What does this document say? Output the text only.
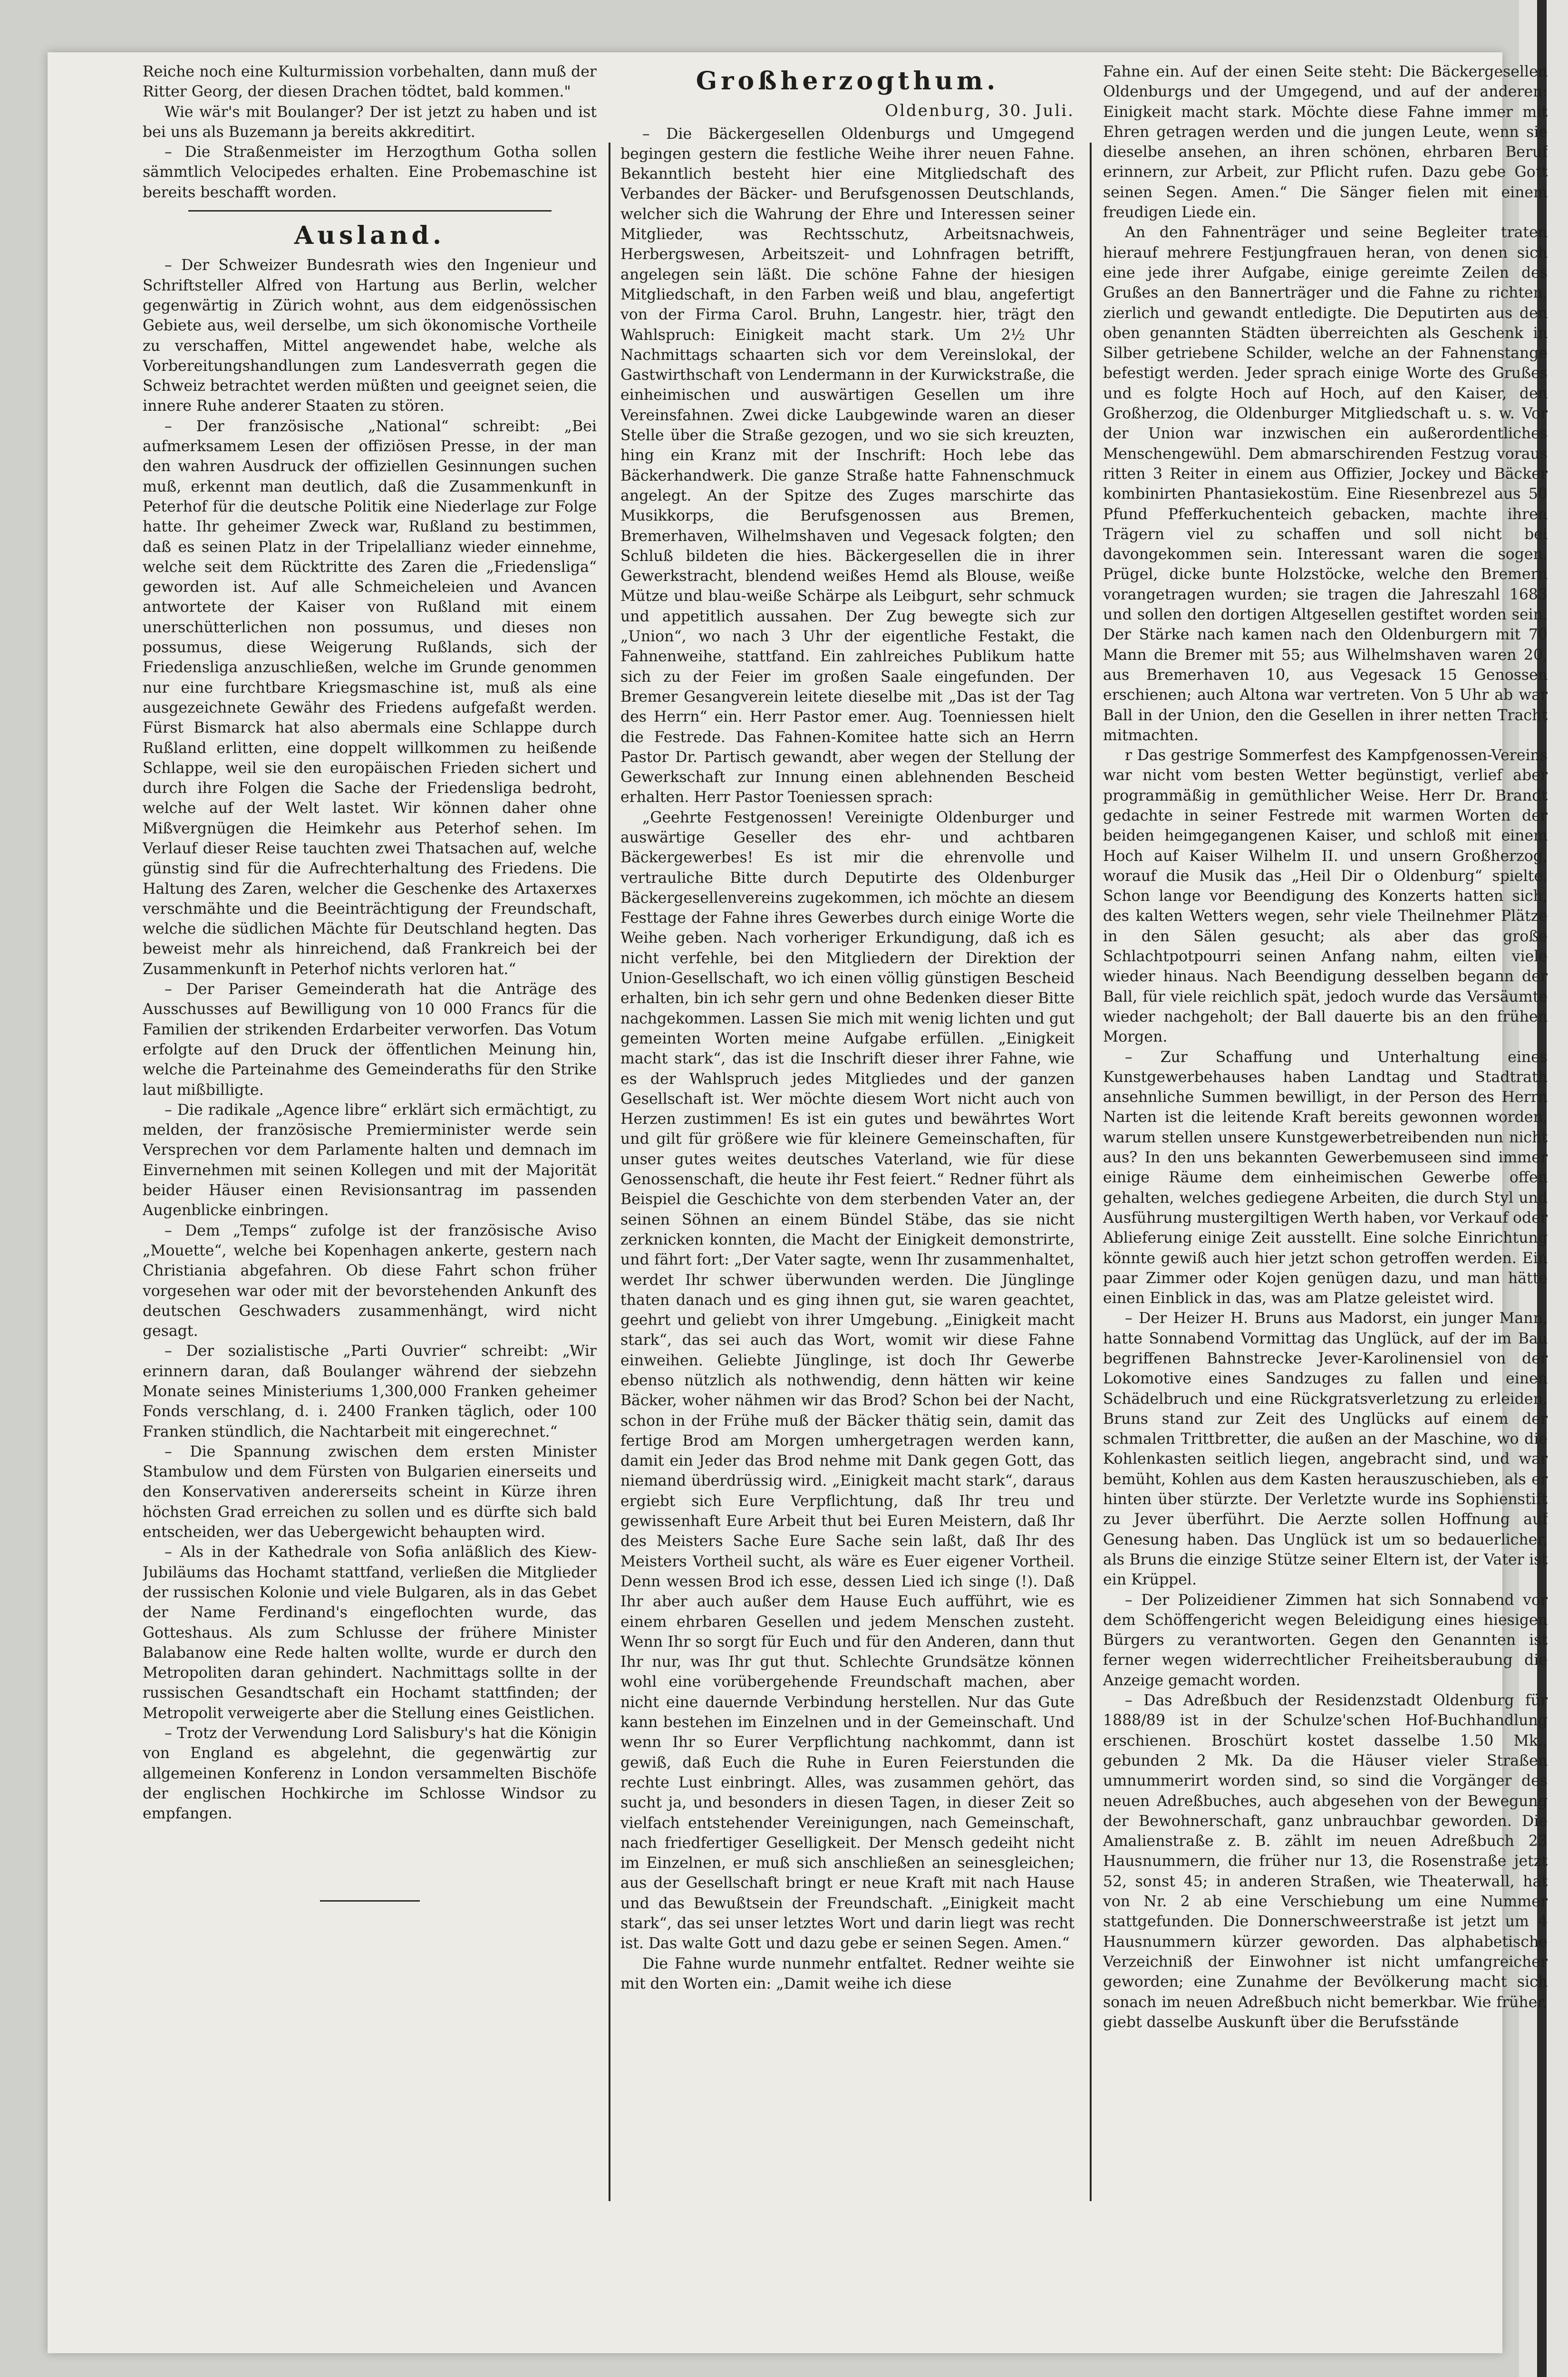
Reiche noch eine Kulturmission vorbehalten, dann muß der Ritter Georg, der diesen Drachen tödtet, bald kommen."

Wie wär's mit Boulanger? Der ist jetzt zu haben und ist bei uns als Buzemann ja bereits akkreditirt.

– Die Straßenmeister im Herzogthum Gotha sollen sämmtlich Velocipedes erhalten. Eine Probemaschine ist bereits beschafft worden.

Ausland.

– Der Schweizer Bundesrath wies den Ingenieur und Schriftsteller Alfred von Hartung aus Berlin, welcher gegenwärtig in Zürich wohnt, aus dem eidgenössischen Gebiete aus, weil derselbe, um sich ökonomische Vortheile zu verschaffen, Mittel angewendet habe, welche als Vorbereitungshandlungen zum Landesverrath gegen die Schweiz betrachtet werden müßten und geeignet seien, die innere Ruhe anderer Staaten zu stören.

– Der französische „National“ schreibt: „Bei aufmerksamem Lesen der offiziösen Presse, in der man den wahren Ausdruck der offiziellen Gesinnungen suchen muß, erkennt man deutlich, daß die Zusammenkunft in Peterhof für die deutsche Politik eine Niederlage zur Folge hatte. Ihr geheimer Zweck war, Rußland zu bestimmen, daß es seinen Platz in der Tripelallianz wieder einnehme, welche seit dem Rücktritte des Zaren die „Friedensliga“ geworden ist. Auf alle Schmeicheleien und Avancen antwortete der Kaiser von Rußland mit einem unerschütterlichen non possumus, und dieses non possumus, diese Weigerung Rußlands, sich der Friedensliga anzuschließen, welche im Grunde genommen nur eine furchtbare Kriegsmaschine ist, muß als eine ausgezeichnete Gewähr des Friedens aufgefaßt werden. Fürst Bismarck hat also abermals eine Schlappe durch Rußland erlitten, eine doppelt willkommen zu heißende Schlappe, weil sie den europäischen Frieden sichert und durch ihre Folgen die Sache der Friedensliga bedroht, welche auf der Welt lastet. Wir können daher ohne Mißvergnügen die Heimkehr aus Peterhof sehen. Im Verlauf dieser Reise tauchten zwei Thatsachen auf, welche günstig sind für die Aufrechterhaltung des Friedens. Die Haltung des Zaren, welcher die Geschenke des Artaxerxes verschmähte und die Beeinträchtigung der Freundschaft, welche die südlichen Mächte für Deutschland hegten. Das beweist mehr als hinreichend, daß Frankreich bei der Zusammenkunft in Peterhof nichts verloren hat.“

– Der Pariser Gemeinderath hat die Anträge des Ausschusses auf Bewilligung von 10 000 Francs für die Familien der strikenden Erdarbeiter verworfen. Das Votum erfolgte auf den Druck der öffentlichen Meinung hin, welche die Parteinahme des Gemeinderaths für den Strike laut mißbilligte.

– Die radikale „Agence libre“ erklärt sich ermächtigt, zu melden, der französische Premierminister werde sein Versprechen vor dem Parlamente halten und demnach im Einvernehmen mit seinen Kollegen und mit der Majorität beider Häuser einen Revisionsantrag im passenden Augenblicke einbringen.

– Dem „Temps“ zufolge ist der französische Aviso „Mouette“, welche bei Kopenhagen ankerte, gestern nach Christiania abgefahren. Ob diese Fahrt schon früher vorgesehen war oder mit der bevorstehenden Ankunft des deutschen Geschwaders zusammenhängt, wird nicht gesagt.

– Der sozialistische „Parti Ouvrier“ schreibt: „Wir erinnern daran, daß Boulanger während der siebzehn Monate seines Ministeriums 1,300,000 Franken geheimer Fonds verschlang, d. i. 2400 Franken täglich, oder 100 Franken stündlich, die Nachtarbeit mit eingerechnet.“

– Die Spannung zwischen dem ersten Minister Stambulow und dem Fürsten von Bulgarien einerseits und den Konservativen andererseits scheint in Kürze ihren höchsten Grad erreichen zu sollen und es dürfte sich bald entscheiden, wer das Uebergewicht behaupten wird.

– Als in der Kathedrale von Sofia anläßlich des Kiew-Jubiläums das Hochamt stattfand, verließen die Mitglieder der russischen Kolonie und viele Bulgaren, als in das Gebet der Name Ferdinand's eingeflochten wurde, das Gotteshaus. Als zum Schlusse der frühere Minister Balabanow eine Rede halten wollte, wurde er durch den Metropoliten daran gehindert. Nachmittags sollte in der russischen Gesandtschaft ein Hochamt stattfinden; der Metropolit verweigerte aber die Stellung eines Geistlichen.

– Trotz der Verwendung Lord Salisbury's hat die Königin von England es abgelehnt, die gegenwärtig zur allgemeinen Konferenz in London versammelten Bischöfe der englischen Hochkirche im Schlosse Windsor zu empfangen.

Großherzogthum.
Oldenburg, 30. Juli.

– Die Bäckergesellen Oldenburgs und Umgegend begingen gestern die festliche Weihe ihrer neuen Fahne. Bekanntlich besteht hier eine Mitgliedschaft des Verbandes der Bäcker- und Berufsgenossen Deutschlands, welcher sich die Wahrung der Ehre und Interessen seiner Mitglieder, was Rechtsschutz, Arbeitsnachweis, Herbergswesen, Arbeitszeit- und Lohnfragen betrifft, angelegen sein läßt. Die schöne Fahne der hiesigen Mitgliedschaft, in den Farben weiß und blau, angefertigt von der Firma Carol. Bruhn, Langestr. hier, trägt den Wahlspruch: Einigkeit macht stark. Um 2½ Uhr Nachmittags schaarten sich vor dem Vereinslokal, der Gastwirthschaft von Lendermann in der Kurwickstraße, die einheimischen und auswärtigen Gesellen um ihre Vereinsfahnen. Zwei dicke Laubgewinde waren an dieser Stelle über die Straße gezogen, und wo sie sich kreuzten, hing ein Kranz mit der Inschrift: Hoch lebe das Bäckerhandwerk. Die ganze Straße hatte Fahnenschmuck angelegt. An der Spitze des Zuges marschirte das Musikkorps, die Berufsgenossen aus Bremen, Bremerhaven, Wilhelmshaven und Vegesack folgten; den Schluß bildeten die hies. Bäckergesellen die in ihrer Gewerkstracht, blendend weißes Hemd als Blouse, weiße Mütze und blau-weiße Schärpe als Leibgurt, sehr schmuck und appetitlich aussahen. Der Zug bewegte sich zur „Union“, wo nach 3 Uhr der eigentliche Festakt, die Fahnenweihe, stattfand. Ein zahlreiches Publikum hatte sich zu der Feier im großen Saale eingefunden. Der Bremer Gesangverein leitete dieselbe mit „Das ist der Tag des Herrn“ ein. Herr Pastor emer. Aug. Toenniessen hielt die Festrede. Das Fahnen-Komitee hatte sich an Herrn Pastor Dr. Partisch gewandt, aber wegen der Stellung der Gewerkschaft zur Innung einen ablehnenden Bescheid erhalten. Herr Pastor Toeniessen sprach:

„Geehrte Festgenossen! Vereinigte Oldenburger und auswärtige Geseller des ehr- und achtbaren Bäckergewerbes! Es ist mir die ehrenvolle und vertrauliche Bitte durch Deputirte des Oldenburger Bäckergesellenvereins zugekommen, ich möchte an diesem Festtage der Fahne ihres Gewerbes durch einige Worte die Weihe geben. Nach vorheriger Erkundigung, daß ich es nicht verfehle, bei den Mitgliedern der Direktion der Union-Gesellschaft, wo ich einen völlig günstigen Bescheid erhalten, bin ich sehr gern und ohne Bedenken dieser Bitte nachgekommen. Lassen Sie mich mit wenig lichten und gut gemeinten Worten meine Aufgabe erfüllen. „Einigkeit macht stark“, das ist die Inschrift dieser ihrer Fahne, wie es der Wahlspruch jedes Mitgliedes und der ganzen Gesellschaft ist. Wer möchte diesem Wort nicht auch von Herzen zustimmen! Es ist ein gutes und bewährtes Wort und gilt für größere wie für kleinere Gemeinschaften, für unser gutes weites deutsches Vaterland, wie für diese Genossenschaft, die heute ihr Fest feiert.“ Redner führt als Beispiel die Geschichte von dem sterbenden Vater an, der seinen Söhnen an einem Bündel Stäbe, das sie nicht zerknicken konnten, die Macht der Einigkeit demonstrirte, und fährt fort: „Der Vater sagte, wenn Ihr zusammenhaltet, werdet Ihr schwer überwunden werden. Die Jünglinge thaten danach und es ging ihnen gut, sie waren geachtet, geehrt und geliebt von ihrer Umgebung. „Einigkeit macht stark“, das sei auch das Wort, womit wir diese Fahne einweihen. Geliebte Jünglinge, ist doch Ihr Gewerbe ebenso nützlich als nothwendig, denn hätten wir keine Bäcker, woher nähmen wir das Brod? Schon bei der Nacht, schon in der Frühe muß der Bäcker thätig sein, damit das fertige Brod am Morgen umhergetragen werden kann, damit ein Jeder das Brod nehme mit Dank gegen Gott, das niemand überdrüssig wird. „Einigkeit macht stark“, daraus ergiebt sich Eure Verpflichtung, daß Ihr treu und gewissenhaft Eure Arbeit thut bei Euren Meistern, daß Ihr des Meisters Sache Eure Sache sein laßt, daß Ihr des Meisters Vortheil sucht, als wäre es Euer eigener Vortheil. Denn wessen Brod ich esse, dessen Lied ich singe (!). Daß Ihr aber auch außer dem Hause Euch aufführt, wie es einem ehrbaren Gesellen und jedem Menschen zusteht. Wenn Ihr so sorgt für Euch und für den Anderen, dann thut Ihr nur, was Ihr gut thut. Schlechte Grundsätze können wohl eine vorübergehende Freundschaft machen, aber nicht eine dauernde Verbindung herstellen. Nur das Gute kann bestehen im Einzelnen und in der Gemeinschaft. Und wenn Ihr so Eurer Verpflichtung nachkommt, dann ist gewiß, daß Euch die Ruhe in Euren Feierstunden die rechte Lust einbringt. Alles, was zusammen gehört, das sucht ja, und besonders in diesen Tagen, in dieser Zeit so vielfach entstehender Vereinigungen, nach Gemeinschaft, nach friedfertiger Geselligkeit. Der Mensch gedeiht nicht im Einzelnen, er muß sich anschließen an seinesgleichen; aus der Gesellschaft bringt er neue Kraft mit nach Hause und das Bewußtsein der Freundschaft. „Einigkeit macht stark“, das sei unser letztes Wort und darin liegt was recht ist. Das walte Gott und dazu gebe er seinen Segen. Amen.“

Die Fahne wurde nunmehr entfaltet. Redner weihte sie mit den Worten ein: „Damit weihe ich diese

Fahne ein. Auf der einen Seite steht: Die Bäckergesellen Oldenburgs und der Umgegend, und auf der anderen: Einigkeit macht stark. Möchte diese Fahne immer mit Ehren getragen werden und die jungen Leute, wenn sie dieselbe ansehen, an ihren schönen, ehrbaren Beruf erinnern, zur Arbeit, zur Pflicht rufen. Dazu gebe Gott seinen Segen. Amen.“ Die Sänger fielen mit einem freudigen Liede ein.

An den Fahnenträger und seine Begleiter traten hierauf mehrere Festjungfrauen heran, von denen sich eine jede ihrer Aufgabe, einige gereimte Zeilen des Grußes an den Bannerträger und die Fahne zu richten, zierlich und gewandt entledigte. Die Deputirten aus den oben genannten Städten überreichten als Geschenk in Silber getriebene Schilder, welche an der Fahnenstange befestigt werden. Jeder sprach einige Worte des Grußes und es folgte Hoch auf Hoch, auf den Kaiser, den Großherzog, die Oldenburger Mitgliedschaft u. s. w. Vor der Union war inzwischen ein außerordentliches Menschengewühl. Dem abmarschirenden Festzug voraus ritten 3 Reiter in einem aus Offizier, Jockey und Bäcker kombinirten Phantasiekostüm. Eine Riesenbrezel aus 50 Pfund Pfefferkuchenteich gebacken, machte ihren Trägern viel zu schaffen und soll nicht bei davongekommen sein. Interessant waren die sogen. Prügel, dicke bunte Holzstöcke, welche den Bremern vorangetragen wurden; sie tragen die Jahreszahl 1683 und sollen den dortigen Altgesellen gestiftet worden sein. Der Stärke nach kamen nach den Oldenburgern mit 70 Mann die Bremer mit 55; aus Wilhelmshaven waren 20, aus Bremerhaven 10, aus Vegesack 15 Genossen erschienen; auch Altona war vertreten. Von 5 Uhr ab war Ball in der Union, den die Gesellen in ihrer netten Tracht mitmachten.

r Das gestrige Sommerfest des Kampfgenossen-Vereins war nicht vom besten Wetter begünstigt, verlief aber programmäßig in gemüthlicher Weise. Herr Dr. Brandt gedachte in seiner Festrede mit warmen Worten der beiden heimgegangenen Kaiser, und schloß mit einem Hoch auf Kaiser Wilhelm II. und unsern Großherzog, worauf die Musik das „Heil Dir o Oldenburg“ spielte. Schon lange vor Beendigung des Konzerts hatten sich, des kalten Wetters wegen, sehr viele Theilnehmer Plätze in den Sälen gesucht; als aber das große Schlachtpotpourri seinen Anfang nahm, eilten viele wieder hinaus. Nach Beendigung desselben begann der Ball, für viele reichlich spät, jedoch wurde das Versäumte wieder nachgeholt; der Ball dauerte bis an den frühen Morgen.

– Zur Schaffung und Unterhaltung eines Kunstgewerbehauses haben Landtag und Stadtrath ansehnliche Summen bewilligt, in der Person des Herrn Narten ist die leitende Kraft bereits gewonnen worden, warum stellen unsere Kunstgewerbetreibenden nun nicht aus? In den uns bekannten Gewerbemuseen sind immer einige Räume dem einheimischen Gewerbe offen gehalten, welches gediegene Arbeiten, die durch Styl und Ausführung mustergiltigen Werth haben, vor Verkauf oder Ablieferung einige Zeit ausstellt. Eine solche Einrichtung könnte gewiß auch hier jetzt schon getroffen werden. Ein paar Zimmer oder Kojen genügen dazu, und man hätte einen Einblick in das, was am Platze geleistet wird.

– Der Heizer H. Bruns aus Madorst, ein junger Mann, hatte Sonnabend Vormittag das Unglück, auf der im Bau begriffenen Bahnstrecke Jever-Karolinensiel von der Lokomotive eines Sandzuges zu fallen und einen Schädelbruch und eine Rückgratsverletzung zu erleiden. Bruns stand zur Zeit des Unglücks auf einem der schmalen Trittbretter, die außen an der Maschine, wo die Kohlenkasten seitlich liegen, angebracht sind, und war bemüht, Kohlen aus dem Kasten herauszuschieben, als er hinten über stürzte. Der Verletzte wurde ins Sophienstift zu Jever überführt. Die Aerzte sollen Hoffnung auf Genesung haben. Das Unglück ist um so bedauerlicher, als Bruns die einzige Stütze seiner Eltern ist, der Vater ist ein Krüppel.

– Der Polizeidiener Zimmen hat sich Sonnabend vor dem Schöffengericht wegen Beleidigung eines hiesigen Bürgers zu verantworten. Gegen den Genannten ist ferner wegen widerrechtlicher Freiheitsberaubung die Anzeige gemacht worden.

– Das Adreßbuch der Residenzstadt Oldenburg für 1888/89 ist in der Schulze'schen Hof-Buchhandlung erschienen. Broschürt kostet dasselbe 1.50 Mk., gebunden 2 Mk. Da die Häuser vieler Straßen umnummerirt worden sind, so sind die Vorgänger des neuen Adreßbuches, auch abgesehen von der Bewegung der Bewohnerschaft, ganz unbrauchbar geworden. Die Amalienstraße z. B. zählt im neuen Adreßbuch 23 Hausnummern, die früher nur 13, die Rosenstraße jetzt 52, sonst 45; in anderen Straßen, wie Theaterwall, hat von Nr. 2 ab eine Verschiebung um eine Nummer stattgefunden. Die Donnerschweerstraße ist jetzt um 4 Hausnummern kürzer geworden. Das alphabetische Verzeichniß der Einwohner ist nicht umfangreicher geworden; eine Zunahme der Bevölkerung macht sich sonach im neuen Adreßbuch nicht bemerkbar. Wie früher, giebt dasselbe Auskunft über die Berufsstände
